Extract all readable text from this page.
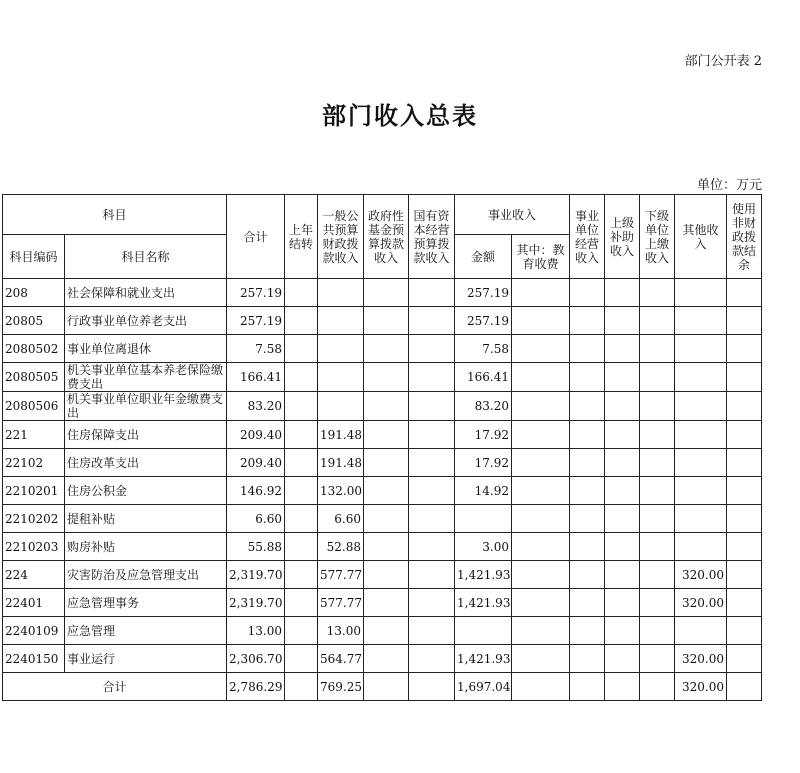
部门公开表 2
部门收入总表
单位：万元
科目		合计	上年结转	一般公共预算财政拨款收入	政府性基金预算拨款收入	国有资本经营预算拨款收入	事业收入		事业单位经营收入	上级补助收入	下级单位上缴收入	其他收入	使用非财政拨款结余
科目编码	科目名称						金额	其中：教育收费					
208	社会保障和就业支出	257.19					257.19						
20805	行政事业单位养老支出	257.19					257.19						
2080502	事业单位离退休	7.58					7.58						
2080505	机关事业单位基本养老保险缴费支出	166.41					166.41						
2080506	机关事业单位职业年金缴费支出	83.20					83.20						
221	住房保障支出	209.40		191.48			17.92						
22102	住房改革支出	209.40		191.48			17.92						
2210201	住房公积金	146.92		132.00			14.92						
2210202	提租补贴	6.60		6.60									
2210203	购房补贴	55.88		52.88			3.00						
224	灾害防治及应急管理支出	2,319.70		577.77			1,421.93					320.00	
22401	应急管理事务	2,319.70		577.77			1,421.93					320.00	
2240109	应急管理	13.00		13.00									
2240150	事业运行	2,306.70		564.77			1,421.93					320.00	
合计		2,786.29		769.25			1,697.04					320.00	
